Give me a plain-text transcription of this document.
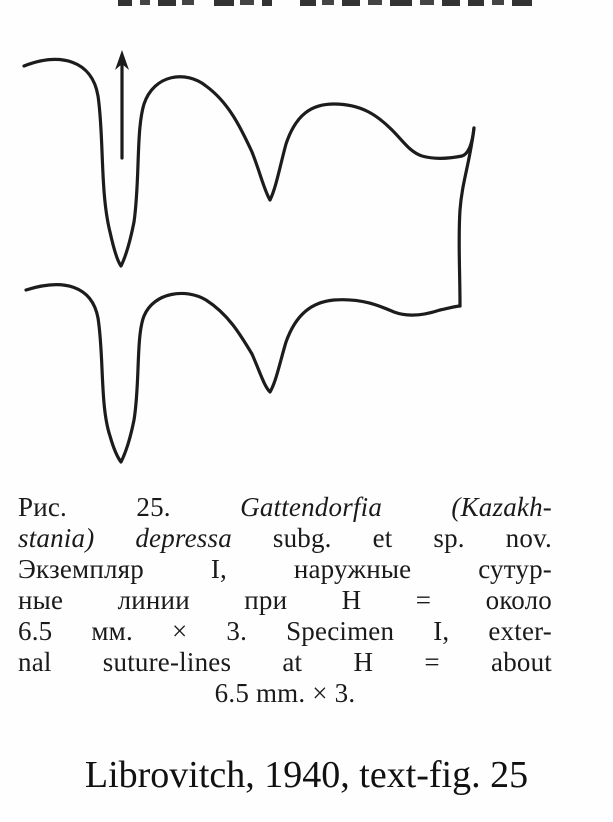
Рис. 25. Gattendorfia (Kazakh-
stania) depressa subg. et sp. nov.
Экземпляр I, наружные сутур-
ные линии при H = около
6.5 мм. × 3. Specimen I, exter-
nal suture-lines at H = about
6.5 mm. × 3.
Librovitch, 1940, text-fig. 25
